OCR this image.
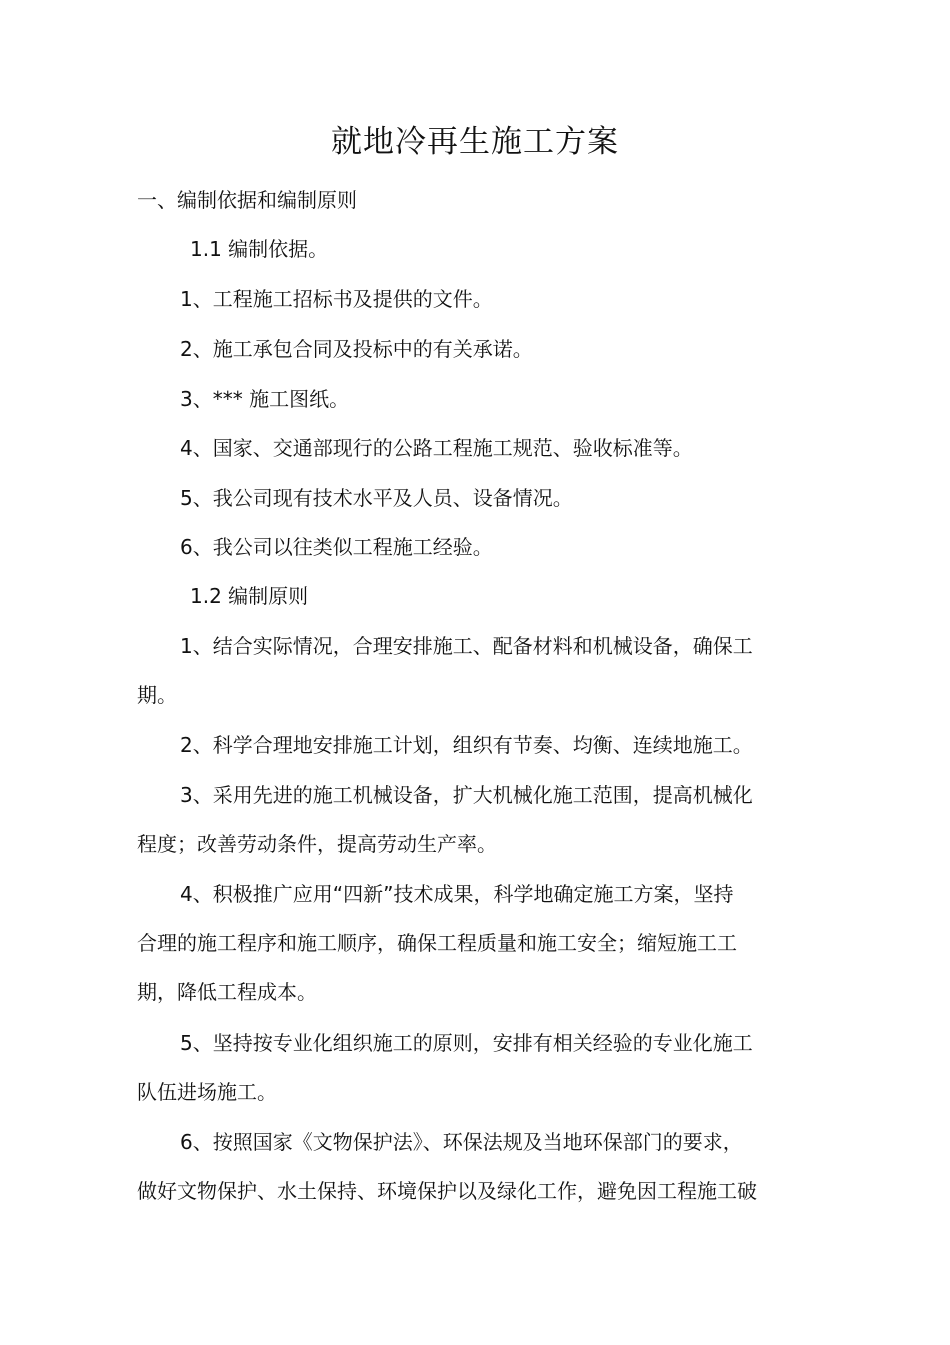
就地冷再生施工方案
一、编制依据和编制原则
1.1 编制依据。
1、工程施工招标书及提供的文件。
2、施工承包合同及投标中的有关承诺。
3、*** 施工图纸。
4、国家、交通部现行的公路工程施工规范、验收标准等。
5、我公司现有技术水平及人员、设备情况。
6、我公司以往类似工程施工经验。
1.2 编制原则
1、结合实际情况，合理安排施工、配备材料和机械设备，确保工
期。
2、科学合理地安排施工计划，组织有节奏、均衡、连续地施工。
3、采用先进的施工机械设备，扩大机械化施工范围，提高机械化
程度；改善劳动条件，提高劳动生产率。
4、积极推广应用“四新”技术成果，科学地确定施工方案，坚持
合理的施工程序和施工顺序，确保工程质量和施工安全；缩短施工工
期，降低工程成本。
5、坚持按专业化组织施工的原则，安排有相关经验的专业化施工
队伍进场施工。
6、按照国家《文物保护法》、环保法规及当地环保部门的要求，
做好文物保护、水土保持、环境保护以及绿化工作，避免因工程施工破
